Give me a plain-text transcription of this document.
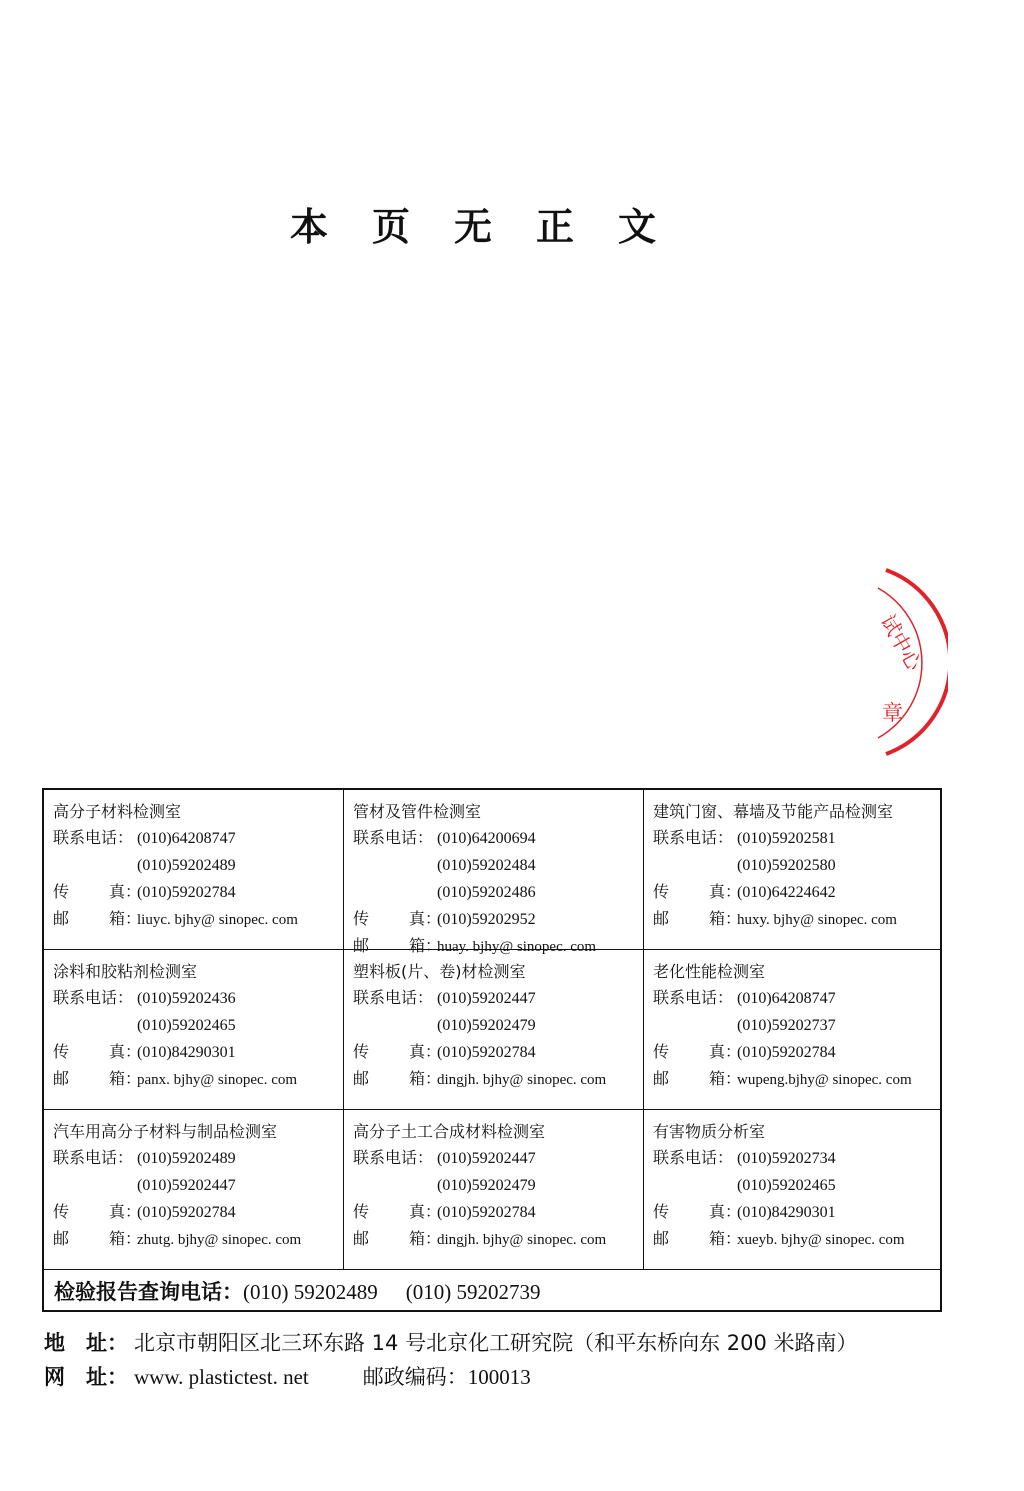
本页无正文
试中心
章
高分子材料检测室
联系电话： (010)64208747
(010)59202489
传 真：(010)59202784
邮 箱：liuyc. bjhy@ sinopec. com
管材及管件检测室
联系电话： (010)64200694
(010)59202484
(010)59202486
传 真：(010)59202952
邮 箱：huay. bjhy@ sinopec. com
建筑门窗、幕墙及节能产品检测室
联系电话： (010)59202581
(010)59202580
传 真：(010)64224642
邮 箱：huxy. bjhy@ sinopec. com
涂料和胶粘剂检测室
联系电话： (010)59202436
(010)59202465
传 真：(010)84290301
邮 箱：panx. bjhy@ sinopec. com
塑料板(片、卷)材检测室
联系电话： (010)59202447
(010)59202479
传 真：(010)59202784
邮 箱：dingjh. bjhy@ sinopec. com
老化性能检测室
联系电话： (010)64208747
(010)59202737
传 真：(010)59202784
邮 箱：wupeng.bjhy@ sinopec. com
汽车用高分子材料与制品检测室
联系电话： (010)59202489
(010)59202447
传 真：(010)59202784
邮 箱：zhutg. bjhy@ sinopec. com
高分子土工合成材料检测室
联系电话： (010)59202447
(010)59202479
传 真：(010)59202784
邮 箱：dingjh. bjhy@ sinopec. com
有害物质分析室
联系电话： (010)59202734
(010)59202465
传 真：(010)84290301
邮 箱：xueyb. bjhy@ sinopec. com
检验报告查询电话：(010) 59202489 (010) 59202739
地　址： 北京市朝阳区北三环东路 14 号北京化工研究院（和平东桥向东 200 米路南）
网　址： www. plastictest. net	邮政编码：100013
